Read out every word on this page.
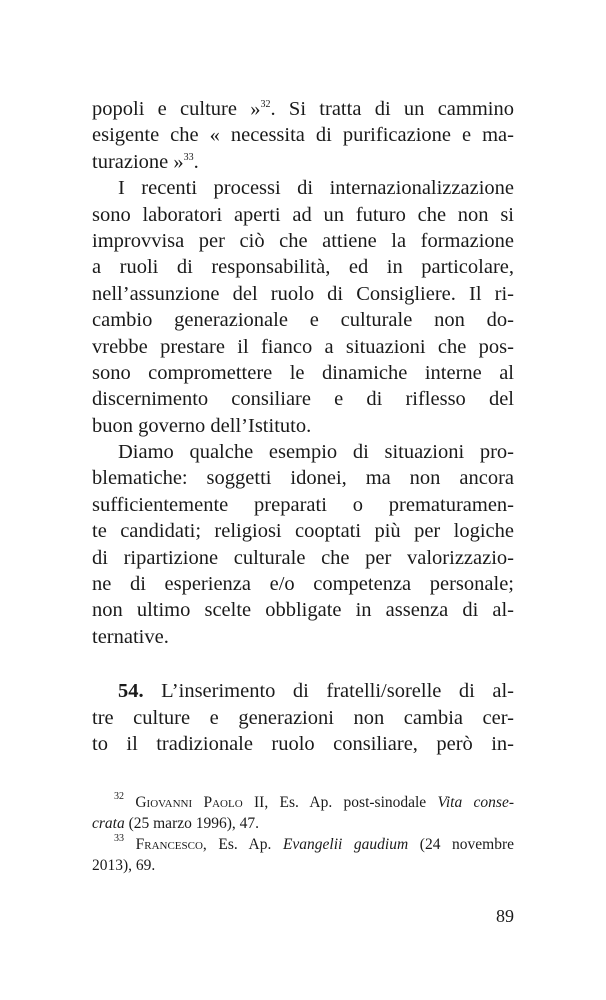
popoli e culture »$^{32}$. Si tratta di un cammino
esigente che « necessita di purificazione e ma-
turazione »$^{33}$.
I recenti processi di internazionalizzazione
sono laboratori aperti ad un futuro che non si
improvvisa per ciò che attiene la formazione
a ruoli di responsabilità, ed in particolare,
nell’assunzione del ruolo di Consigliere. Il ri-
cambio generazionale e culturale non do-
vrebbe prestare il fianco a situazioni che pos-
sono compromettere le dinamiche interne al
discernimento consiliare e di riflesso del
buon governo dell’Istituto.
Diamo qualche esempio di situazioni pro-
blematiche: soggetti idonei, ma non ancora
sufficientemente preparati o prematuramen-
te candidati; religiosi cooptati più per logiche
di ripartizione culturale che per valorizzazio-
ne di esperienza e/o competenza personale;
non ultimo scelte obbligate in assenza di al-
ternative.
54. L’inserimento di fratelli/sorelle di al-
tre culture e generazioni non cambia cer-
to il tradizionale ruolo consiliare, però in-
$^{32}$ Giovanni Paolo II, Es. Ap. post-sinodale Vita conse-
crata (25 marzo 1996), 47.
$^{33}$ Francesco, Es. Ap. Evangelii gaudium (24 novembre
2013), 69.
89
